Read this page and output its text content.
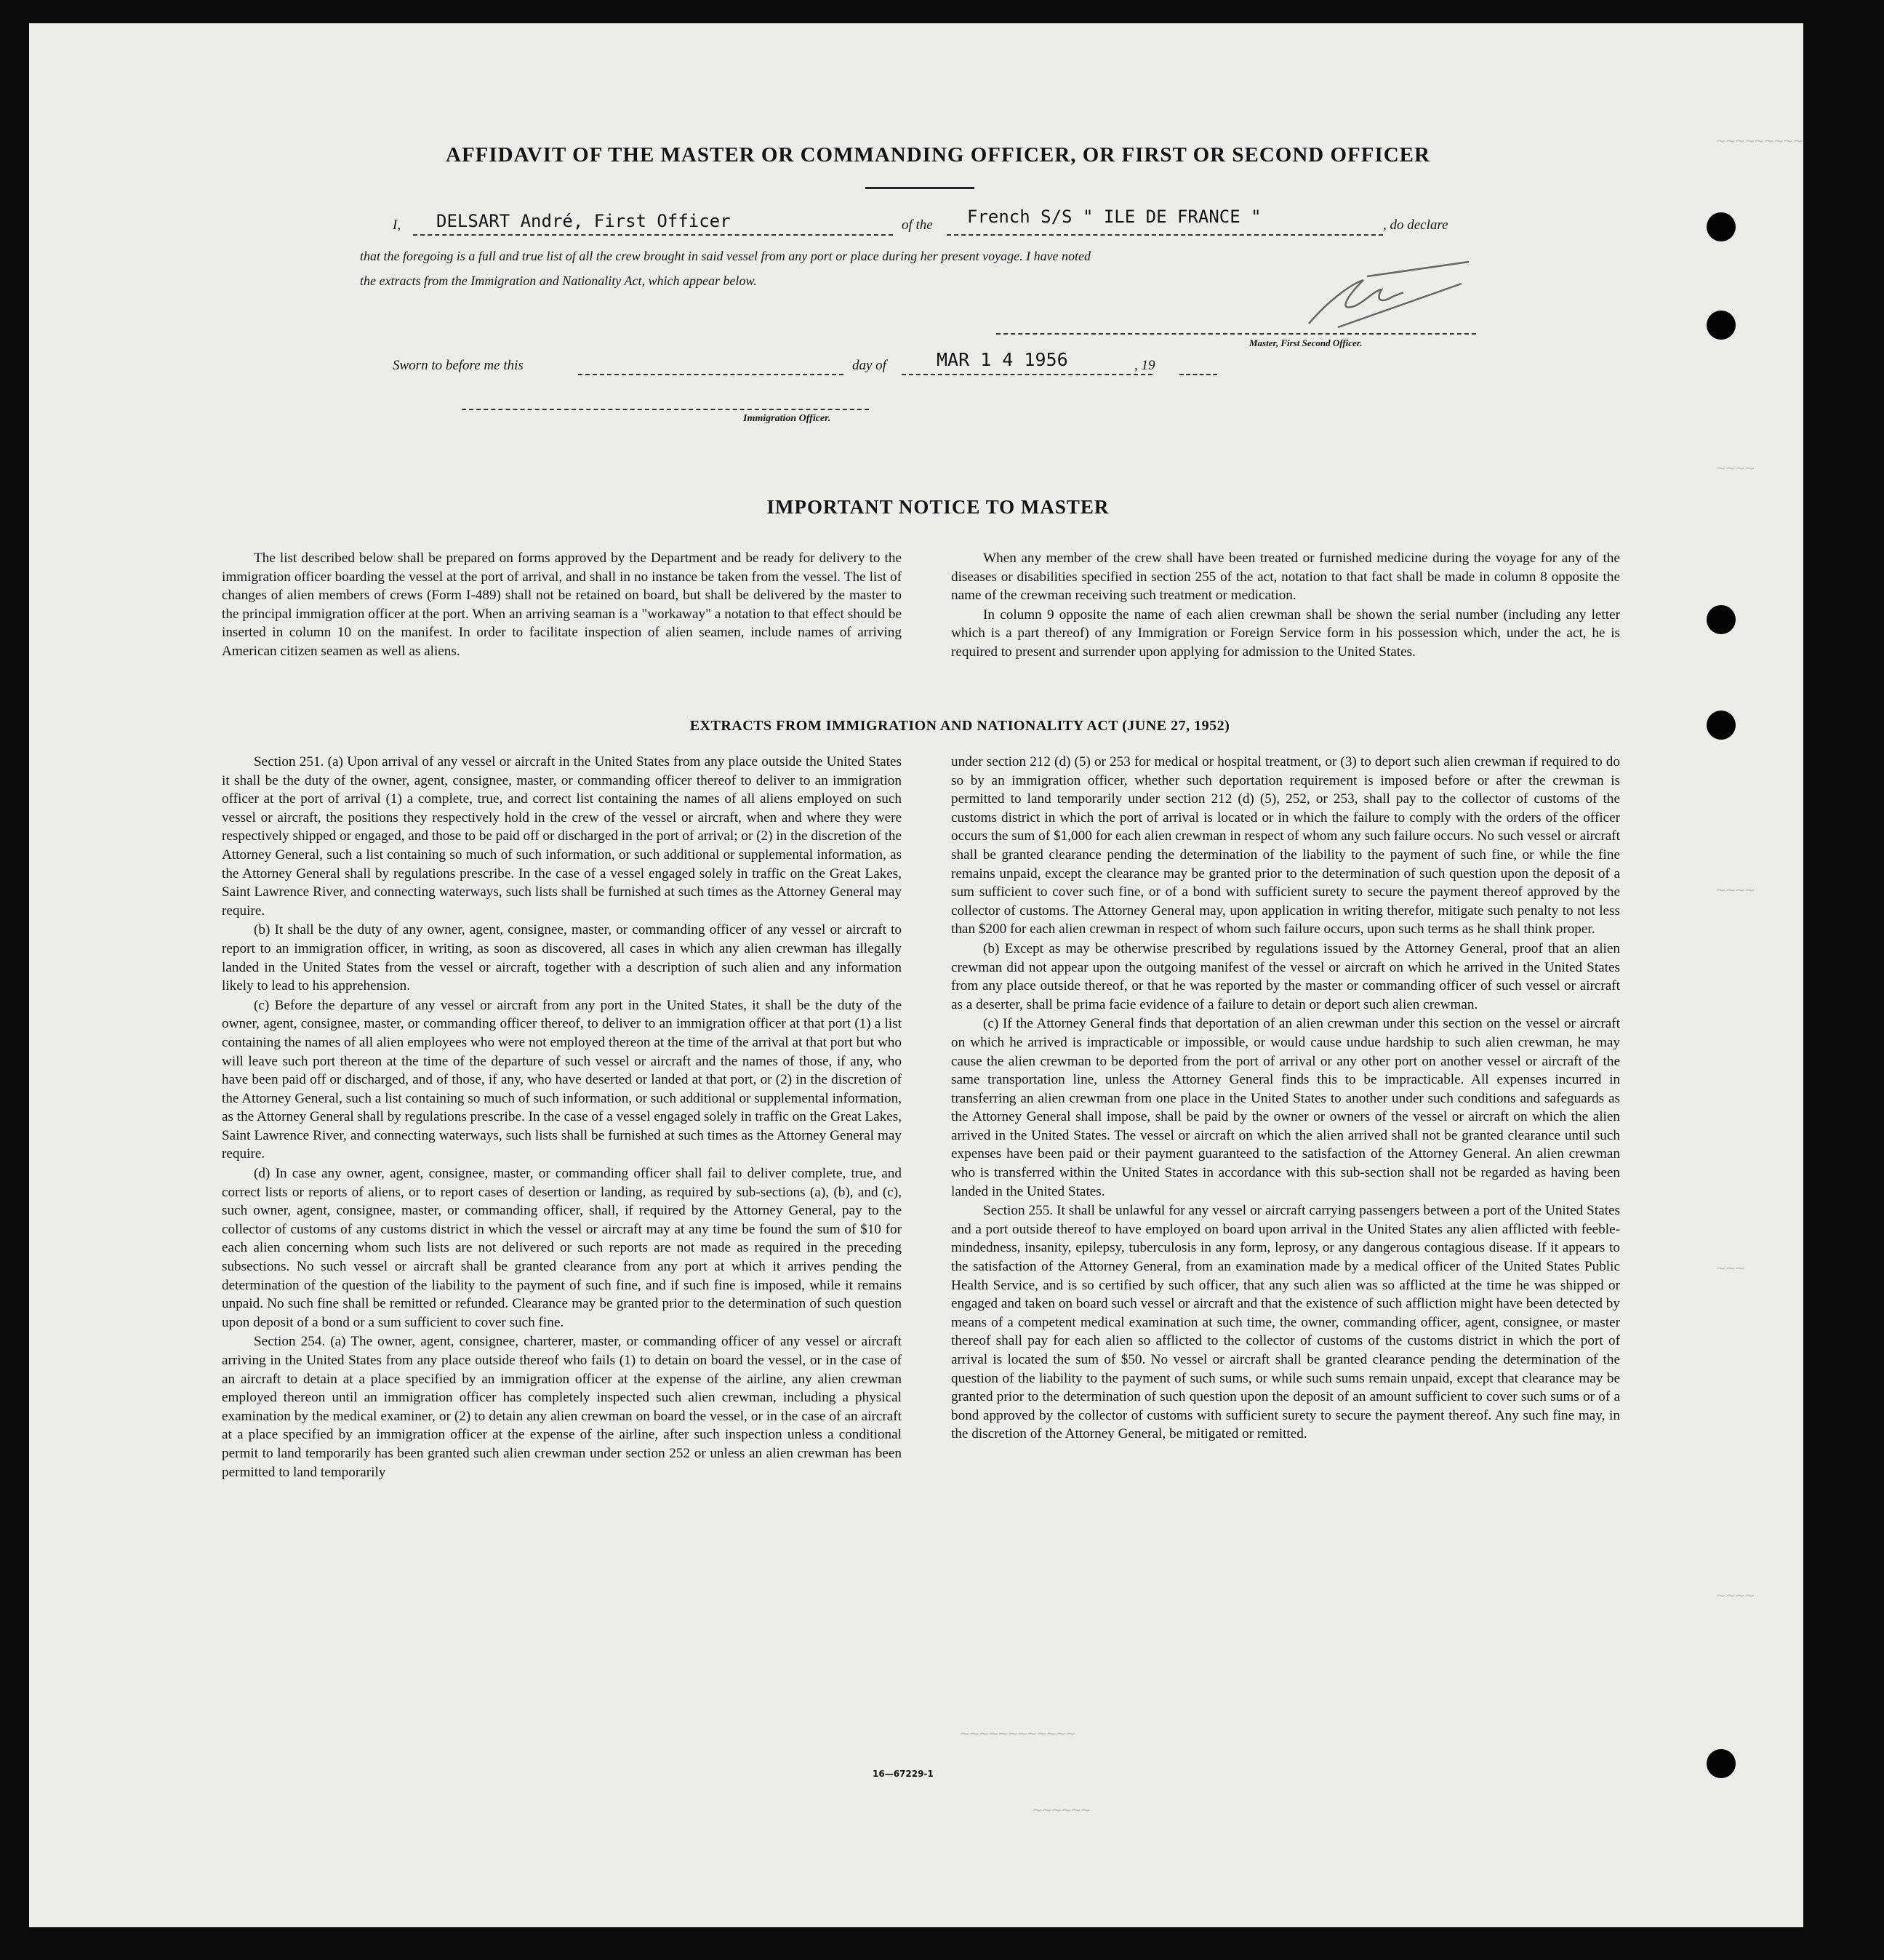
~~~~~~~~~
~~~~
~~~~
~~~
~~~~
~~~~~~~~~~~~
~~~~~~
AFFIDAVIT OF THE MASTER OR COMMANDING OFFICER, OR FIRST OR SECOND OFFICER
I, DELSART André, First Officer	of the French S/S " ILE DE FRANCE "	, do declare
that the foregoing is a full and true list of all the crew brought in said vessel from any port or place during her present voyage. I have noted
the extracts from the Immigration and Nationality Act, which appear below.
Master, First Second Officer.
Sworn to before me this	day of	MAR 1 4 1956	, 19
Immigration Officer.
IMPORTANT NOTICE TO MASTER

The list described below shall be prepared on forms approved by the Department and be ready for delivery to the immigration officer boarding the vessel at the port of arrival, and shall in no instance be taken from the vessel. The list of changes of alien members of crews (Form I-489) shall not be retained on board, but shall be delivered by the master to the principal immigration officer at the port. When an arriving seaman is a "workaway" a notation to that effect should be inserted in column 10 on the manifest. In order to facilitate inspection of alien seamen, include names of arriving American citizen seamen as well as aliens.

When any member of the crew shall have been treated or furnished medicine during the voyage for any of the diseases or disabilities specified in section 255 of the act, notation to that fact shall be made in column 8 opposite the name of the crewman receiving such treatment or medication.

In column 9 opposite the name of each alien crewman shall be shown the serial number (including any letter which is a part thereof) of any Immigration or Foreign Service form in his possession which, under the act, he is required to present and surrender upon applying for admission to the United States.

EXTRACTS FROM IMMIGRATION AND NATIONALITY ACT (JUNE 27, 1952)

Section 251. (a) Upon arrival of any vessel or aircraft in the United States from any place outside the United States it shall be the duty of the owner, agent, consignee, master, or commanding officer thereof to deliver to an immigration officer at the port of arrival (1) a complete, true, and correct list containing the names of all aliens employed on such vessel or aircraft, the positions they respectively hold in the crew of the vessel or aircraft, when and where they were respectively shipped or engaged, and those to be paid off or discharged in the port of arrival; or (2) in the discretion of the Attorney General, such a list containing so much of such information, or such additional or supplemental information, as the Attorney General shall by regulations prescribe. In the case of a vessel engaged solely in traffic on the Great Lakes, Saint Lawrence River, and connecting waterways, such lists shall be furnished at such times as the Attorney General may require.

(b) It shall be the duty of any owner, agent, consignee, master, or commanding officer of any vessel or aircraft to report to an immigration officer, in writing, as soon as discovered, all cases in which any alien crewman has illegally landed in the United States from the vessel or aircraft, together with a description of such alien and any information likely to lead to his apprehension.

(c) Before the departure of any vessel or aircraft from any port in the United States, it shall be the duty of the owner, agent, consignee, master, or commanding officer thereof, to deliver to an immigration officer at that port (1) a list containing the names of all alien employees who were not employed thereon at the time of the arrival at that port but who will leave such port thereon at the time of the departure of such vessel or aircraft and the names of those, if any, who have been paid off or discharged, and of those, if any, who have deserted or landed at that port, or (2) in the discretion of the Attorney General, such a list containing so much of such information, or such additional or supplemental information, as the Attorney General shall by regulations prescribe. In the case of a vessel engaged solely in traffic on the Great Lakes, Saint Lawrence River, and connecting waterways, such lists shall be furnished at such times as the Attorney General may require.

(d) In case any owner, agent, consignee, master, or commanding officer shall fail to deliver complete, true, and correct lists or reports of aliens, or to report cases of desertion or landing, as required by sub-sections (a), (b), and (c), such owner, agent, consignee, master, or commanding officer, shall, if required by the Attorney General, pay to the collector of customs of any customs district in which the vessel or aircraft may at any time be found the sum of $10 for each alien concerning whom such lists are not delivered or such reports are not made as required in the preceding subsections. No such vessel or aircraft shall be granted clearance from any port at which it arrives pending the determination of the question of the liability to the payment of such fine, and if such fine is imposed, while it remains unpaid. No such fine shall be remitted or refunded. Clearance may be granted prior to the determination of such question upon deposit of a bond or a sum sufficient to cover such fine.

Section 254. (a) The owner, agent, consignee, charterer, master, or commanding officer of any vessel or aircraft arriving in the United States from any place outside thereof who fails (1) to detain on board the vessel, or in the case of an aircraft to detain at a place specified by an immigration officer at the expense of the airline, any alien crewman employed thereon until an immigration officer has completely inspected such alien crewman, including a physical examination by the medical examiner, or (2) to detain any alien crewman on board the vessel, or in the case of an aircraft at a place specified by an immigration officer at the expense of the airline, after such inspection unless a conditional permit to land temporarily has been granted such alien crewman under section 252 or unless an alien crewman has been permitted to land temporarily

under section 212 (d) (5) or 253 for medical or hospital treatment, or (3) to deport such alien crewman if required to do so by an immigration officer, whether such deportation requirement is imposed before or after the crewman is permitted to land temporarily under section 212 (d) (5), 252, or 253, shall pay to the collector of customs of the customs district in which the port of arrival is located or in which the failure to comply with the orders of the officer occurs the sum of $1,000 for each alien crewman in respect of whom any such failure occurs. No such vessel or aircraft shall be granted clearance pending the determination of the liability to the payment of such fine, or while the fine remains unpaid, except the clearance may be granted prior to the determination of such question upon the deposit of a sum sufficient to cover such fine, or of a bond with sufficient surety to secure the payment thereof approved by the collector of customs. The Attorney General may, upon application in writing therefor, mitigate such penalty to not less than $200 for each alien crewman in respect of whom such failure occurs, upon such terms as he shall think proper.

(b) Except as may be otherwise prescribed by regulations issued by the Attorney General, proof that an alien crewman did not appear upon the outgoing manifest of the vessel or aircraft on which he arrived in the United States from any place outside thereof, or that he was reported by the master or commanding officer of such vessel or aircraft as a deserter, shall be prima facie evidence of a failure to detain or deport such alien crewman.

(c) If the Attorney General finds that deportation of an alien crewman under this section on the vessel or aircraft on which he arrived is impracticable or impossible, or would cause undue hardship to such alien crewman, he may cause the alien crewman to be deported from the port of arrival or any other port on another vessel or aircraft of the same transportation line, unless the Attorney General finds this to be impracticable. All expenses incurred in transferring an alien crewman from one place in the United States to another under such conditions and safeguards as the Attorney General shall impose, shall be paid by the owner or owners of the vessel or aircraft on which the alien arrived in the United States. The vessel or aircraft on which the alien arrived shall not be granted clearance until such expenses have been paid or their payment guaranteed to the satisfaction of the Attorney General. An alien crewman who is transferred within the United States in accordance with this sub-section shall not be regarded as having been landed in the United States.

Section 255. It shall be unlawful for any vessel or aircraft carrying passengers between a port of the United States and a port outside thereof to have employed on board upon arrival in the United States any alien afflicted with feeble-mindedness, insanity, epilepsy, tuberculosis in any form, leprosy, or any dangerous contagious disease. If it appears to the satisfaction of the Attorney General, from an examination made by a medical officer of the United States Public Health Service, and is so certified by such officer, that any such alien was so afflicted at the time he was shipped or engaged and taken on board such vessel or aircraft and that the existence of such affliction might have been detected by means of a competent medical examination at such time, the owner, commanding officer, agent, consignee, or master thereof shall pay for each alien so afflicted to the collector of customs of the customs district in which the port of arrival is located the sum of $50. No vessel or aircraft shall be granted clearance pending the determination of the question of the liability to the payment of such sums, or while such sums remain unpaid, except that clearance may be granted prior to the determination of such question upon the deposit of an amount sufficient to cover such sums or of a bond approved by the collector of customs with sufficient surety to secure the payment thereof. Any such fine may, in the discretion of the Attorney General, be mitigated or remitted.

16—67229-1
